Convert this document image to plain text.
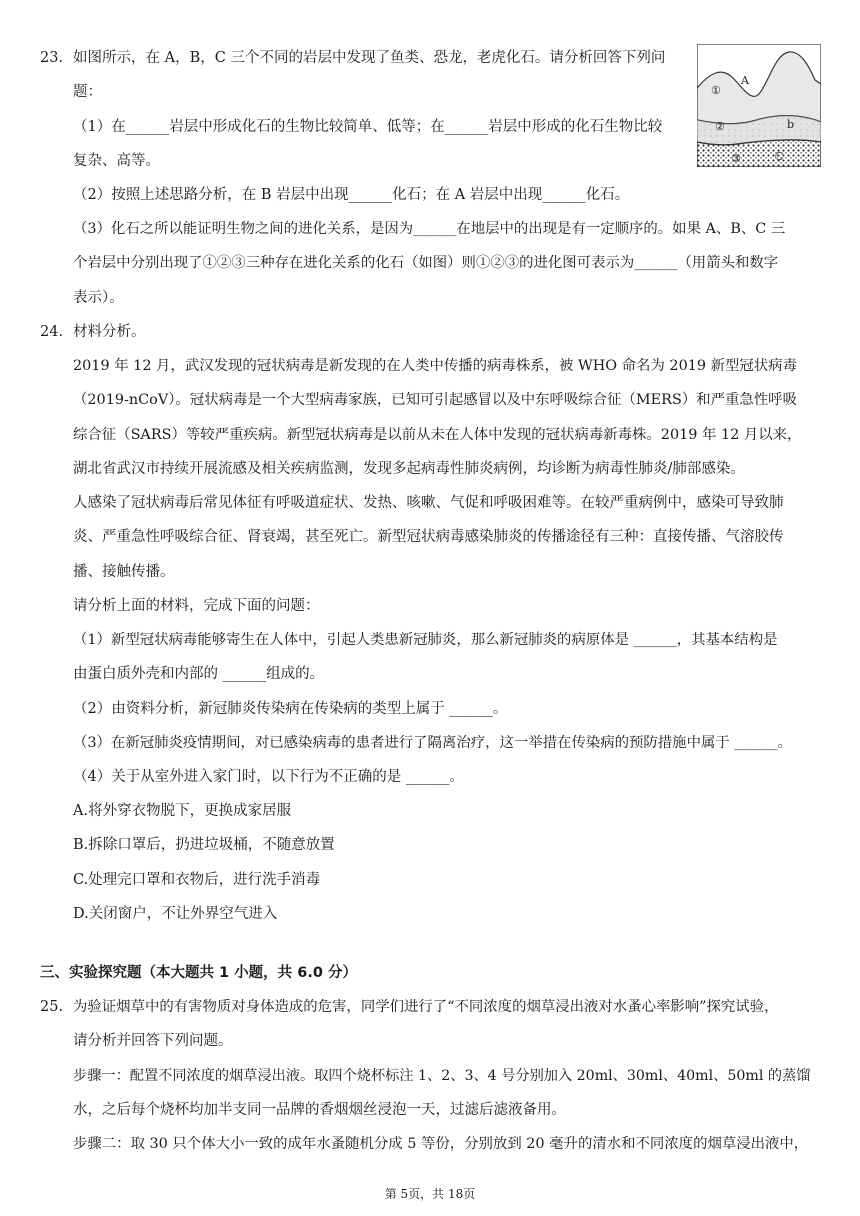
23. 如图所示，在 A，B，C 三个不同的岩层中发现了鱼类、恐龙，老虎化石。请分析回答下列问
题：
（1）在______岩层中形成化石的生物比较简单、低等；在______岩层中形成的化石生物比较
复杂、高等。
（2）按照上述思路分析，在 B 岩层中出现______化石；在 A 岩层中出现______化石。
（3）化石之所以能证明生物之间的进化关系，是因为______在地层中的出现是有一定顺序的。如果 A、B、C 三
个岩层中分别出现了①②③三种存在进化关系的化石（如图）则①②③的进化图可表示为______（用箭头和数字
表示）。
①
②
③
A
b
C
24. 材料分析。
2019 年 12 月，武汉发现的冠状病毒是新发现的在人类中传播的病毒株系，被 WHO 命名为 2019 新型冠状病毒
（2019-nCoV）。冠状病毒是一个大型病毒家族，已知可引起感冒以及中东呼吸综合征（MERS）和严重急性呼吸
综合征（SARS）等较严重疾病。新型冠状病毒是以前从未在人体中发现的冠状病毒新毒株。2019 年 12 月以来，
湖北省武汉市持续开展流感及相关疾病监测，发现多起病毒性肺炎病例，均诊断为病毒性肺炎/肺部感染。
人感染了冠状病毒后常见体征有呼吸道症状、发热、咳嗽、气促和呼吸困难等。在较严重病例中，感染可导致肺
炎、严重急性呼吸综合征、肾衰竭，甚至死亡。新型冠状病毒感染肺炎的传播途径有三种：直接传播、气溶胶传
播、接触传播。
请分析上面的材料，完成下面的问题：
（1）新型冠状病毒能够寄生在人体中，引起人类患新冠肺炎，那么新冠肺炎的病原体是 ______，其基本结构是
由蛋白质外壳和内部的 ______组成的。
（2）由资料分析，新冠肺炎传染病在传染病的类型上属于 ______。
（3）在新冠肺炎疫情期间，对已感染病毒的患者进行了隔离治疗，这一举措在传染病的预防措施中属于 ______。
（4）关于从室外进入家门时，以下行为不正确的是 ______。
A.将外穿衣物脱下，更换成家居服
B.拆除口罩后，扔进垃圾桶，不随意放置
C.处理完口罩和衣物后，进行洗手消毒
D.关闭窗户，不让外界空气进入
三、实验探究题（本大题共 1 小题，共 6.0 分）
25. 为验证烟草中的有害物质对身体造成的危害，同学们进行了“不同浓度的烟草浸出液对水蚤心率影响”探究试验，
请分析并回答下列问题。
步骤一：配置不同浓度的烟草浸出液。取四个烧杯标注 1、2、3、4 号分别加入 20ml、30ml、40ml、50ml 的蒸馏
水，之后每个烧杯均加半支同一品牌的香烟烟丝浸泡一天，过滤后滤液备用。
步骤二：取 30 只个体大小一致的成年水蚤随机分成 5 等份，分别放到 20 毫升的清水和不同浓度的烟草浸出液中，
第 5页，共 18页
